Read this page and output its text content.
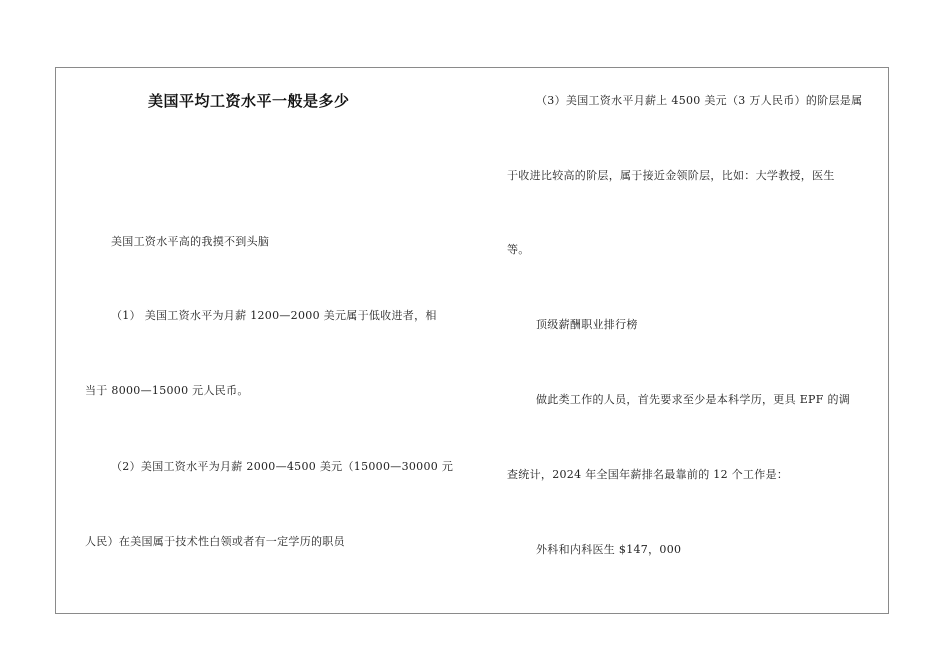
美国平均工资水平一般是多少
美国工资水平高的我摸不到头脑
（1） 美国工资水平为月薪 1200—2000 美元属于低收进者，相
当于 8000—15000 元人民币。
（2）美国工资水平为月薪 2000—4500 美元（15000—30000 元
人民）在美国属于技术性白领或者有一定学历的职员
（3）美国工资水平月薪上 4500 美元（3 万人民币）的阶层是属
于收进比较高的阶层，属于接近金领阶层，比如：大学教授，医生
等。
顶级薪酬职业排行榜
做此类工作的人员，首先要求至少是本科学历，更具 EPF 的调
查统计，2024 年全国年薪排名最靠前的 12 个工作是：
外科和内科医生 $147，000
